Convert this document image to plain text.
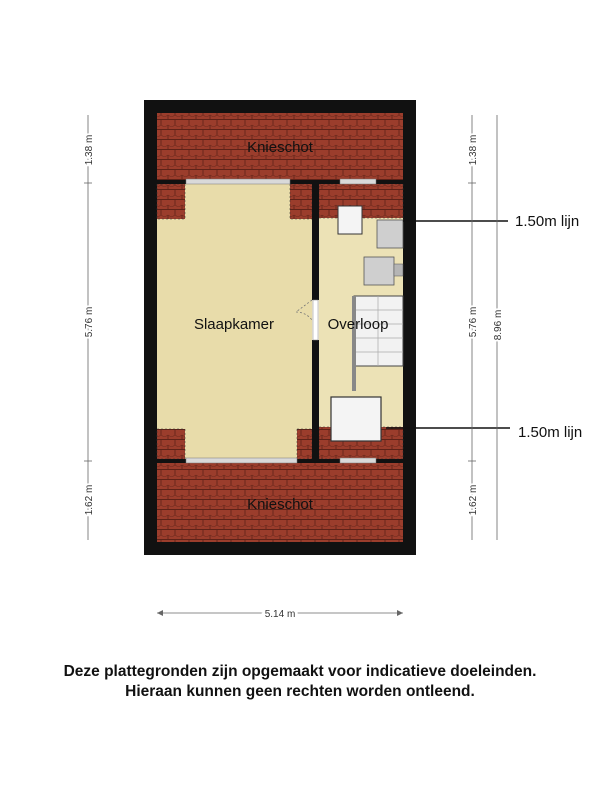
Knieschot
Slaapkamer	Overloop
Knieschot
1.50m lijn
1.50m lijn
1.38 m
5.76 m
1.62 m
1.38 m
5.76 m
1.62 m
8.96 m
5.14 m
Deze plattegronden zijn opgemaakt voor indicatieve doeleinden.
Hieraan kunnen geen rechten worden ontleend.
